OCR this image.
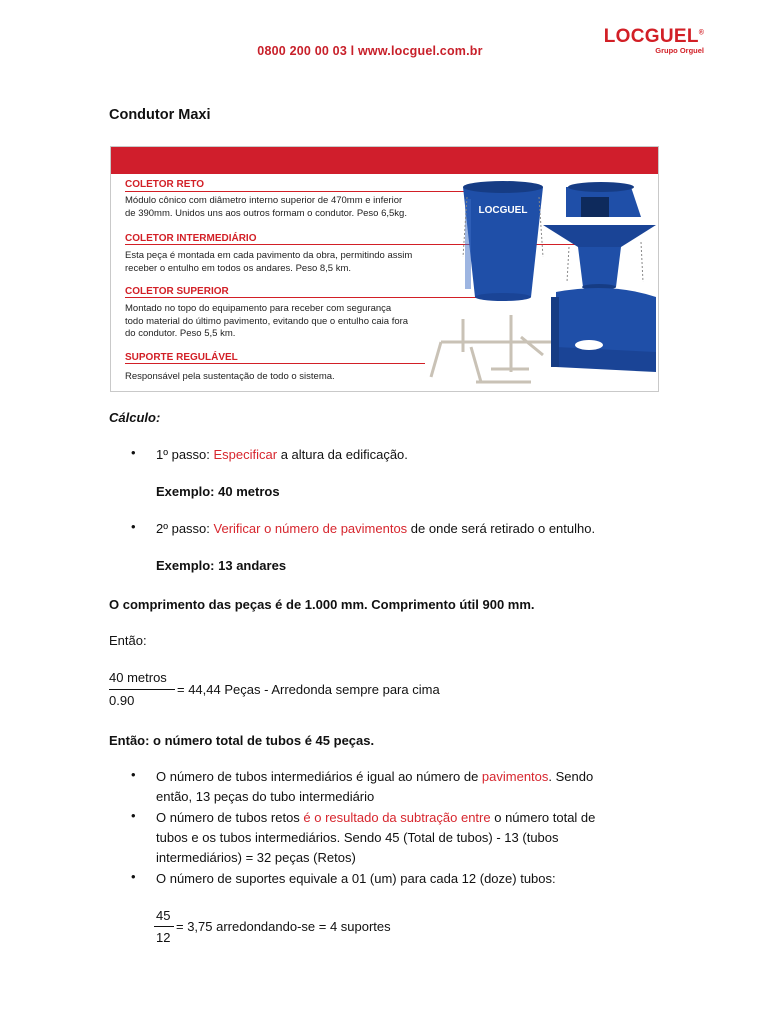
0800 200 00 03 l www.locguel.com.br
LOCGUEL®
Grupo Orguel
Condutor Maxi
COLETOR RETO
Módulo cônico com diâmetro interno superior de 470mm e inferior
de 390mm. Unidos uns aos outros formam o condutor. Peso 6,5kg.
COLETOR INTERMEDIÁRIO
Esta peça é montada em cada pavimento da obra, permitindo assim
receber o entulho em todos os andares. Peso 8,5 km.
COLETOR SUPERIOR
Montado no topo do equipamento para receber com segurança
todo material do último pavimento, evitando que o entulho caia fora
do condutor. Peso 5,5 km.
SUPORTE REGULÁVEL
Responsável pela sustentação de todo o sistema.
LOCGUEL
Cálculo:
• 1º passo: Especificar a altura da edificação.
Exemplo: 40 metros
• 2º passo: Verificar o número de pavimentos de onde será retirado o entulho.
Exemplo: 13 andares
O comprimento das peças é de 1.000 mm. Comprimento útil 900 mm.
Então:
40 metros
0.90
= 44,44 Peças - Arredonda sempre para cima
Então: o número total de tubos é 45 peças.
• O número de tubos intermediários é igual ao número de pavimentos. Sendo
então, 13 peças do tubo intermediário
• O número de tubos retos é o resultado da subtração entre o número total de
tubos e os tubos intermediários. Sendo 45 (Total de tubos) - 13 (tubos
intermediários) = 32 peças (Retos)
• O número de suportes equivale a 01 (um) para cada 12 (doze) tubos:
45
12
= 3,75 arredondando-se = 4 suportes
